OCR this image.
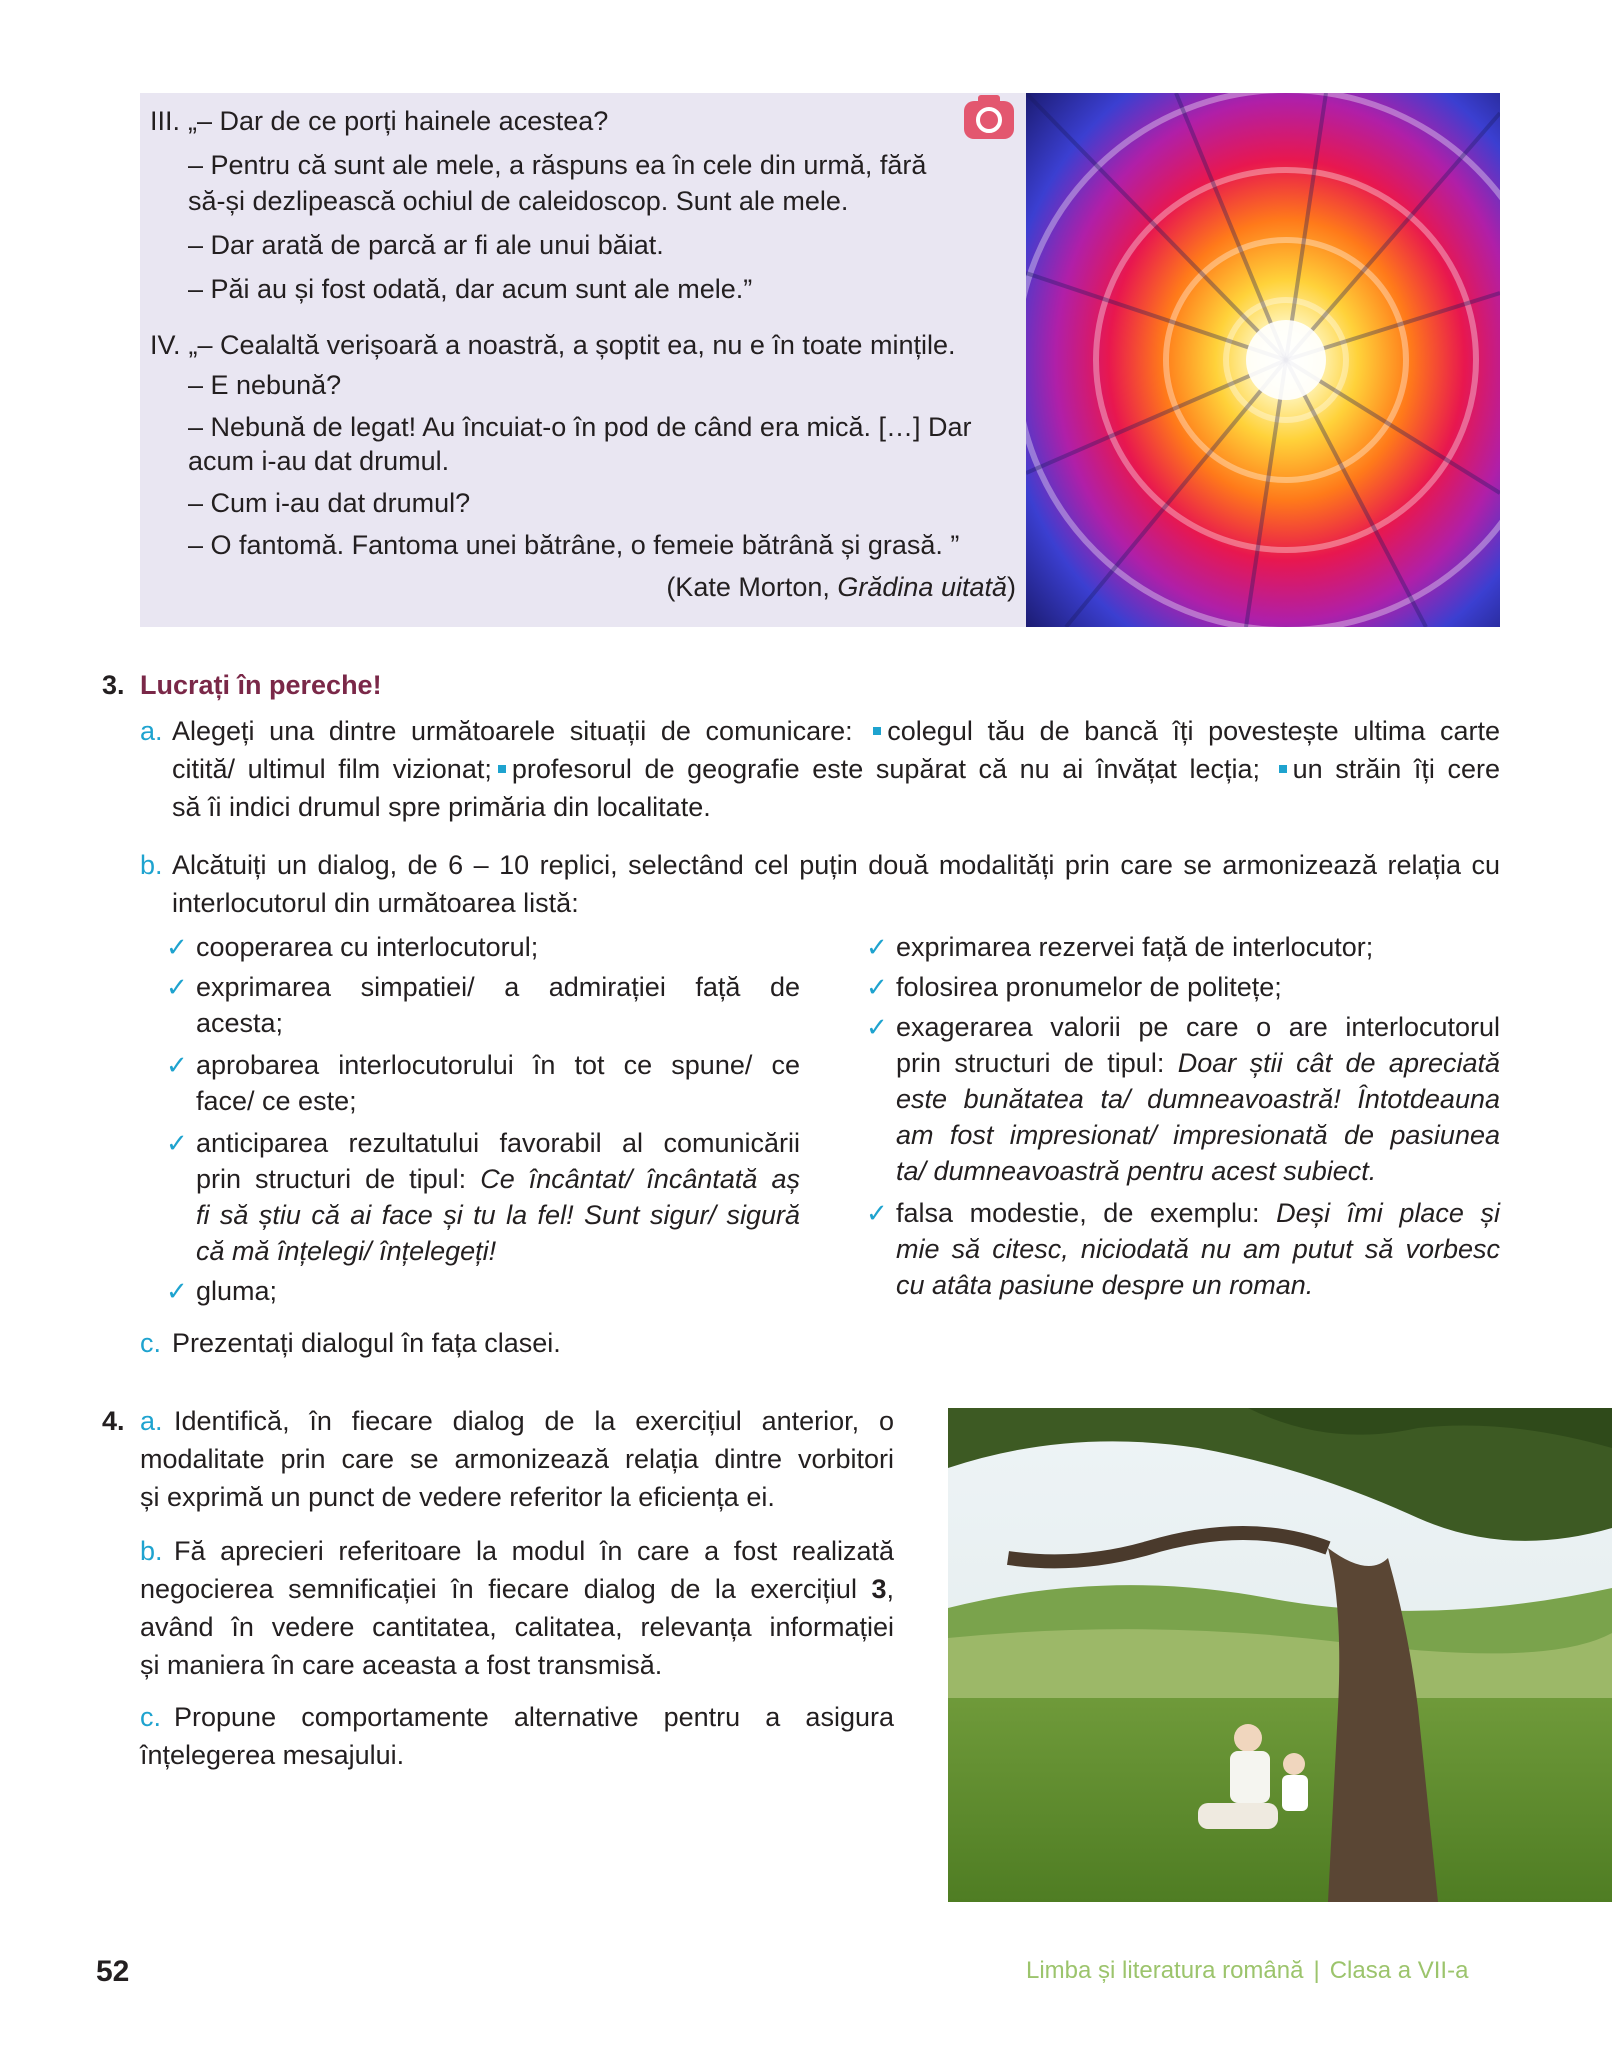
III. „– Dar de ce porți hainele acestea?
– Pentru că sunt ale mele, a răspuns ea în cele din urmă, fără
să-și dezlipească ochiul de caleidoscop. Sunt ale mele.
– Dar arată de parcă ar fi ale unui băiat.
– Păi au și fost odată, dar acum sunt ale mele.”
IV. „– Cealaltă verișoară a noastră, a șoptit ea, nu e în toate mințile.
– E nebună?
– Nebună de legat! Au încuiat-o în pod de când era mică. […] Dar
acum i-au dat drumul.
– Cum i-au dat drumul?
– O fantomă. Fantoma unei bătrâne, o femeie bătrână și grasă. ”
(Kate Morton, Grădina uitată)
3. Lucrați în pereche!
a. Alegeți una dintre următoarele situații de comunicare: colegul tău de bancă îți povestește ultima carte
citită/ ultimul film vizionat; profesorul de geografie este supărat că nu ai învățat lecția; un străin îți cere
să îi indici drumul spre primăria din localitate.
b. Alcătuiți un dialog, de 6 – 10 replici, selectând cel puțin două modalități prin care se armonizează relația cu
interlocutorul din următoarea listă:
✓ cooperarea cu interlocutorul;
✓ exprimarea simpatiei/ a admirației față de
acesta;
✓ aprobarea interlocutorului în tot ce spune/ ce
face/ ce este;
✓ anticiparea rezultatului favorabil al comunicării
prin structuri de tipul: Ce încântat/ încântată aș
fi să știu că ai face și tu la fel! Sunt sigur/ sigură
că mă înțelegi/ înțelegeți!
✓ gluma;
✓ exprimarea rezervei față de interlocutor;
✓ folosirea pronumelor de politețe;
✓ exagerarea valorii pe care o are interlocutorul
prin structuri de tipul: Doar știi cât de apreciată
este bunătatea ta/ dumneavoastră! Întotdeauna
am fost impresionat/ impresionată de pasiunea
ta/ dumneavoastră pentru acest subiect.
✓ falsa modestie, de exemplu: Deși îmi place și
mie să citesc, niciodată nu am putut să vorbesc
cu atâta pasiune despre un roman.
c. Prezentați dialogul în fața clasei.
4. a. Identifică, în fiecare dialog de la exercițiul anterior, o
modalitate prin care se armonizează relația dintre vorbitori
și exprimă un punct de vedere referitor la eficiența ei.
b. Fă aprecieri referitoare la modul în care a fost realizată
negocierea semnificației în fiecare dialog de la exercițiul 3,
având în vedere cantitatea, calitatea, relevanța informației
și maniera în care aceasta a fost transmisă.
c. Propune comportamente alternative pentru a asigura
înțelegerea mesajului.
52	Limba și literatura română | Clasa a VII-a
